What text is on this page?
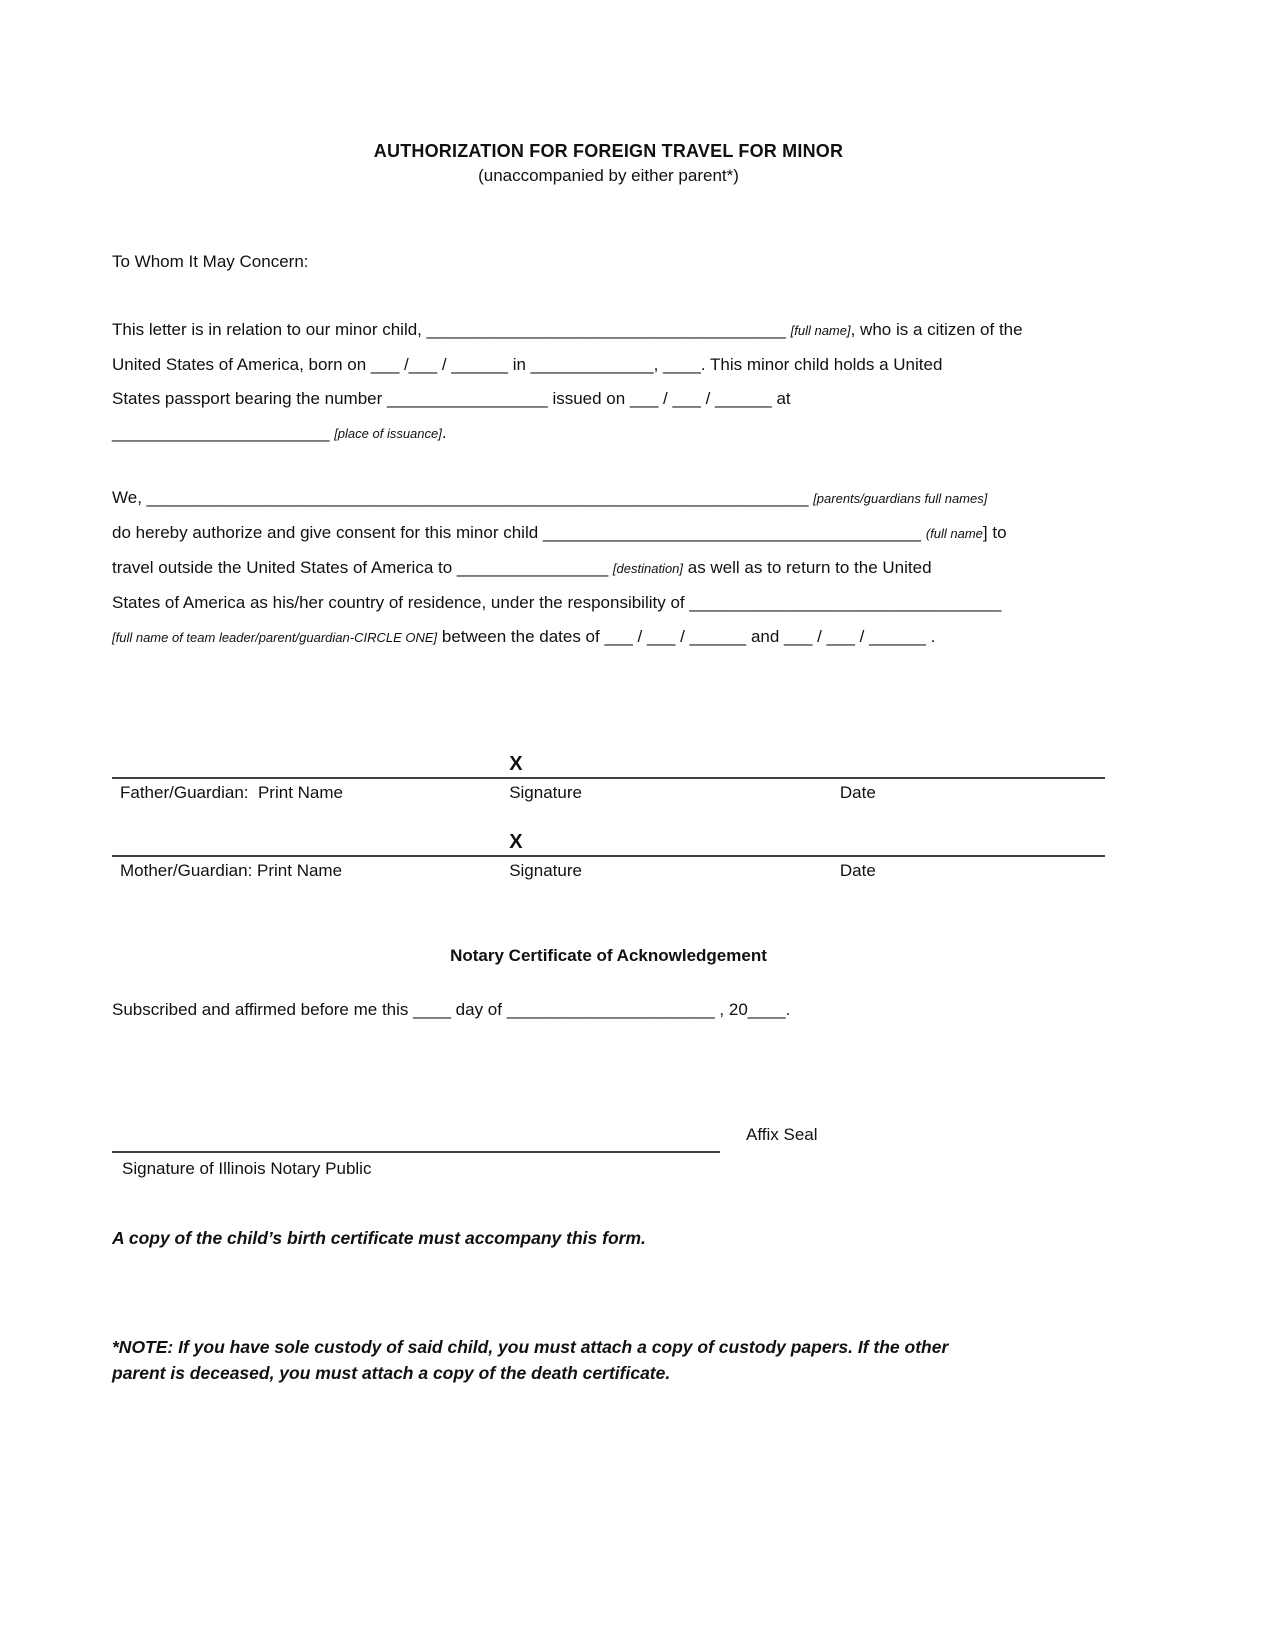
AUTHORIZATION FOR FOREIGN TRAVEL FOR MINOR
(unaccompanied by either parent*)
To Whom It May Concern:
This letter is in relation to our minor child, ______________________________________ [full name], who is a citizen of the
United States of America, born on ___ /___ / ______ in _____________, ____. This minor child holds a United
States passport bearing the number _________________ issued on ___ / ___ / ______ at
_______________________ [place of issuance].
We, ______________________________________________________________________ [parents/guardians full names]
do hereby authorize and give consent for this minor child ________________________________________ (full name] to
travel outside the United States of America to ________________ [destination] as well as to return to the United
States of America as his/her country of residence, under the responsibility of _________________________________
[full name of team leader/parent/guardian-CIRCLE ONE] between the dates of ___ / ___ / ______ and ___ / ___ / ______ .
X
Father/Guardian:  Print Name	Signature	Date
X
Mother/Guardian: Print Name	Signature	Date
Notary Certificate of Acknowledgement
Subscribed and affirmed before me this ____ day of ______________________ , 20____.
Affix Seal
Signature of Illinois Notary Public
A copy of the child’s birth certificate must accompany this form.
*NOTE: If you have sole custody of said child, you must attach a copy of custody papers. If the other
parent is deceased, you must attach a copy of the death certificate.
